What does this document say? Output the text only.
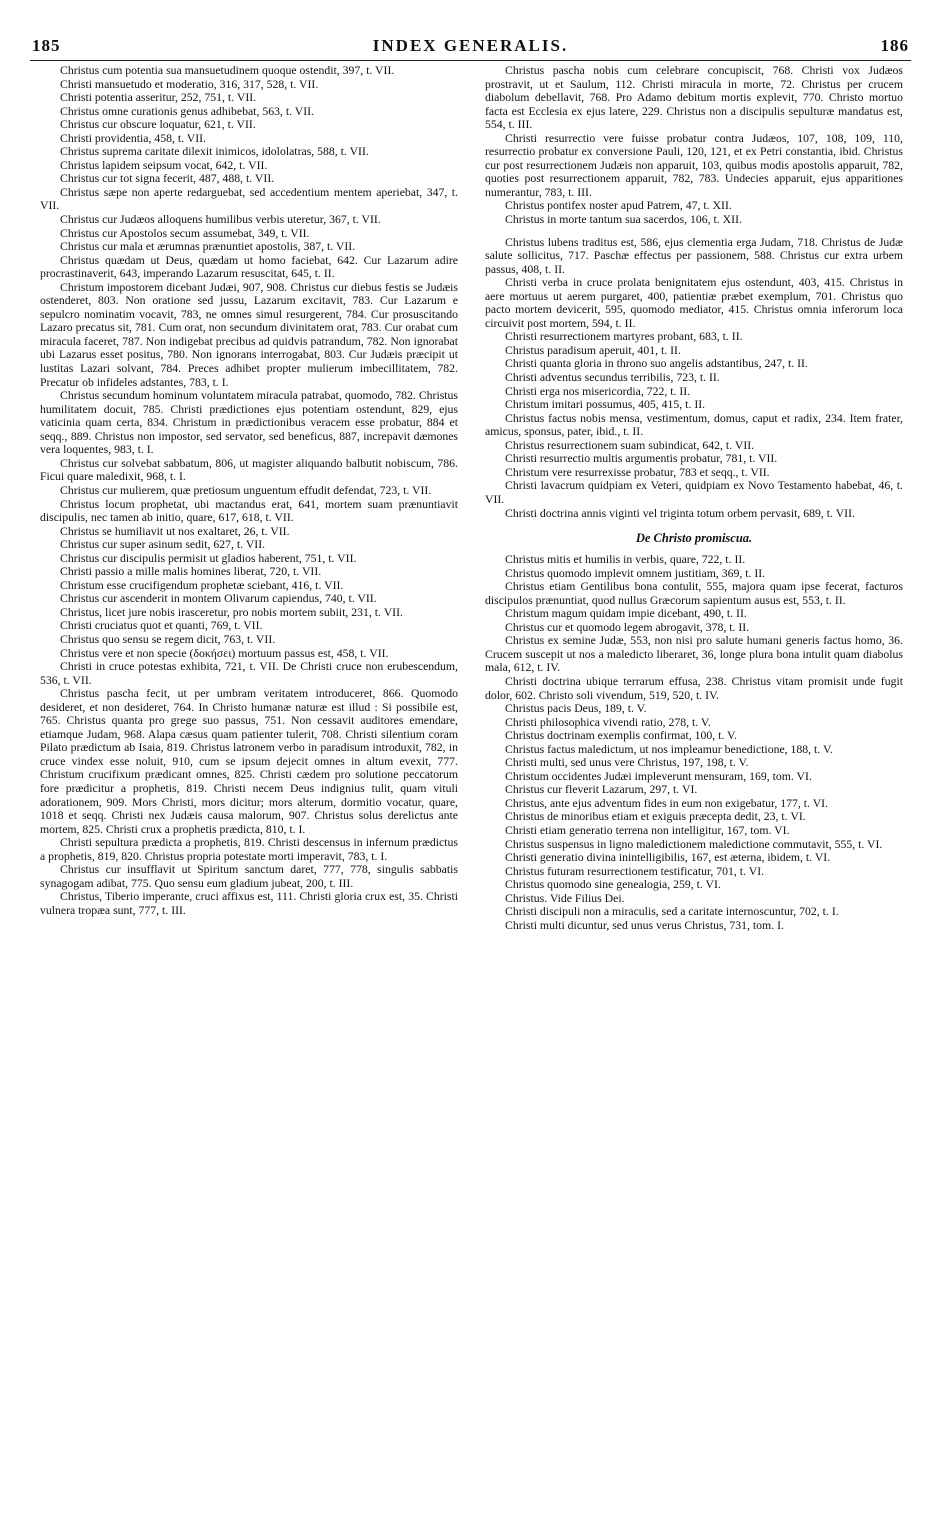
185	INDEX GENERALIS.	186

Christus cum potentia sua mansuetudinem quoque ostendit, 397, t. VII.

Christi mansuetudo et moderatio, 316, 317, 528, t. VII.

Christi potentia asseritur, 252, 751, t. VII.

Christus omne curationis genus adhibebat, 563, t. VII.

Christus cur obscure loquatur, 621, t. VII.

Christi providentia, 458, t. VII.

Christus suprema caritate dilexit inimicos, idololatras, 588, t. VII.

Christus lapidem seipsum vocat, 642, t. VII.

Christus cur tot signa fecerit, 487, 488, t. VII.

Christus sæpe non aperte redarguebat, sed accedentium mentem aperiebat, 347, t. VII.

Christus cur Judæos alloquens humilibus verbis uteretur, 367, t. VII.

Christus cur Apostolos secum assumebat, 349, t. VII.

Christus cur mala et ærumnas prænuntiet apostolis, 387, t. VII.

Christus quædam ut Deus, quædam ut homo faciebat, 642. Cur Lazarum adire procrastinaverit, 643, imperando Lazarum resuscitat, 645, t. II.

Christum impostorem dicebant Judæi, 907, 908. Christus cur diebus festis se Judæis ostenderet, 803. Non oratione sed jussu, Lazarum excitavit, 783. Cur Lazarum e sepulcro nominatim vocavit, 783, ne omnes simul resurgerent, 784. Cur prosuscitando Lazaro precatus sit, 781. Cum orat, non secundum divinitatem orat, 783. Cur orabat cum miracula faceret, 787. Non indigebat precibus ad quidvis patrandum, 782. Non ignorabat ubi Lazarus esset positus, 780. Non ignorans interrogabat, 803. Cur Judæis præcipit ut lustitas Lazari solvant, 784. Preces adhibet propter mulierum imbecillitatem, 782. Precatur ob infideles adstantes, 783, t. I.

Christus secundum hominum voluntatem miracula patrabat, quomodo, 782. Christus humilitatem docuit, 785. Christi prædictiones ejus potentiam ostendunt, 829, ejus vaticinia quam certa, 834. Christum in prædictionibus veracem esse probatur, 884 et seqq., 889. Christus non impostor, sed servator, sed beneficus, 887, increpavit dæmones vera loquentes, 983, t. I.

Christus cur solvebat sabbatum, 806, ut magister aliquando balbutit nobiscum, 786. Ficui quare maledixit, 968, t. I.

Christus cur mulierem, quæ pretiosum unguentum effudit defendat, 723, t. VII.

Christus locum prophetat, ubi mactandus erat, 641, mortem suam prænuntiavit discipulis, nec tamen ab initio, quare, 617, 618, t. VII.

Christus se humiliavit ut nos exaltaret, 26, t. VII.

Christus cur super asinum sedit, 627, t. VII.

Christus cur discipulis permisit ut gladios haberent, 751, t. VII.

Christi passio a mille malis homines liberat, 720, t. VII.

Christum esse crucifigendum prophetæ sciebant, 416, t. VII.

Christus cur ascenderit in montem Olivarum capiendus, 740, t. VII.

Christus, licet jure nobis irasceretur, pro nobis mortem subiit, 231, t. VII.

Christi cruciatus quot et quanti, 769, t. VII.

Christus quo sensu se regem dicit, 763, t. VII.

Christus vere et non specie (δοκήσει) mortuum passus est, 458, t. VII.

Christi in cruce potestas exhibita, 721, t. VII. De Christi cruce non erubescendum, 536, t. VII.

Christus pascha fecit, ut per umbram veritatem introduceret, 866. Quomodo desideret, et non desideret, 764. In Christo humanæ naturæ est illud : Si possibile est, 765. Christus quanta pro grege suo passus, 751. Non cessavit auditores emendare, etiamque Judam, 968. Alapa cæsus quam patienter tulerit, 708. Christi silentium coram Pilato prædictum ab Isaia, 819. Christus latronem verbo in paradisum introduxit, 782, in cruce vindex esse noluit, 910, cum se ipsum dejecit omnes in altum evexit, 777. Christum crucifixum prædicant omnes, 825. Christi cædem pro solutione peccatorum fore prædicitur a prophetis, 819. Christi necem Deus indignius tulit, quam vituli adorationem, 909. Mors Christi, mors dicitur; mors alterum, dormitio vocatur, quare, 1018 et seqq. Christi nex Judæis causa malorum, 907. Christus solus derelictus ante mortem, 825. Christi crux a prophetis prædicta, 810, t. I.

Christi sepultura prædicta a prophetis, 819. Christi descensus in infernum prædictus a prophetis, 819, 820. Christus propria potestate morti imperavit, 783, t. I.

Christus cur insufflavit ut Spiritum sanctum daret, 777, 778, singulis sabbatis synagogam adibat, 775. Quo sensu eum gladium jubeat, 200, t. III.

Christus, Tiberio imperante, cruci affixus est, 111. Christi gloria crux est, 35. Christi vulnera tropæa sunt, 777, t. III.

Christus pascha nobis cum celebrare concupiscit, 768. Christi vox Judæos prostravit, ut et Saulum, 112. Christi miracula in morte, 72. Christus per crucem diabolum debellavit, 768. Pro Adamo debitum mortis explevit, 770. Christo mortuo facta est Ecclesia ex ejus latere, 229. Christus non a discipulis sepulturæ mandatus est, 554, t. III.

Christi resurrectio vere fuisse probatur contra Judæos, 107, 108, 109, 110, resurrectio probatur ex conversione Pauli, 120, 121, et ex Petri constantia, ibid. Christus cur post resurrectionem Judæis non apparuit, 103, quibus modis apostolis apparuit, 782, quoties post resurrectionem apparuit, 782, 783. Undecies apparuit, ejus apparitiones numerantur, 783, t. III.

Christus pontifex noster apud Patrem, 47, t. XII.

Christus in morte tantum sua sacerdos, 106, t. XII.

Christus lubens traditus est, 586, ejus clementia erga Judam, 718. Christus de Judæ salute sollicitus, 717. Paschæ effectus per passionem, 588. Christus cur extra urbem passus, 408, t. II.

Christi verba in cruce prolata benignitatem ejus ostendunt, 403, 415. Christus in aere mortuus ut aerem purgaret, 400, patientiæ præbet exemplum, 701. Christus quo pacto mortem devicerit, 595, quomodo mediator, 415. Christus omnia inferorum loca circuivit post mortem, 594, t. II.

Christi resurrectionem martyres probant, 683, t. II.

Christus paradisum aperuit, 401, t. II.

Christi quanta gloria in throno suo angelis adstantibus, 247, t. II.

Christi adventus secundus terribilis, 723, t. II.

Christi erga nos misericordia, 722, t. II.

Christum imitari possumus, 405, 415, t. II.

Christus factus nobis mensa, vestimentum, domus, caput et radix, 234. Item frater, amicus, sponsus, pater, ibid., t. II.

Christus resurrectionem suam subindicat, 642, t. VII.

Christi resurrectio multis argumentis probatur, 781, t. VII.

Christum vere resurrexisse probatur, 783 et seqq., t. VII.

Christi lavacrum quidpiam ex Veteri, quidpiam ex Novo Testamento habebat, 46, t. VII.

Christi doctrina annis viginti vel triginta totum orbem pervasit, 689, t. VII.

De Christo promiscua.

Christus mitis et humilis in verbis, quare, 722, t. II.

Christus quomodo implevit omnem justitiam, 369, t. II.

Christus etiam Gentilibus bona contulit, 555, majora quam ipse fecerat, facturos discipulos prænuntiat, quod nullus Græcorum sapientum ausus est, 553, t. II.

Christum magum quidam impie dicebant, 490, t. II.

Christus cur et quomodo legem abrogavit, 378, t. II.

Christus ex semine Judæ, 553, non nisi pro salute humani generis factus homo, 36. Crucem suscepit ut nos a maledicto liberaret, 36, longe plura bona intulit quam diabolus mala, 612, t. IV.

Christi doctrina ubique terrarum effusa, 238. Christus vitam promisit unde fugit dolor, 602. Christo soli vivendum, 519, 520, t. IV.

Christus pacis Deus, 189, t. V.

Christi philosophica vivendi ratio, 278, t. V.

Christus doctrinam exemplis confirmat, 100, t. V.

Christus factus maledictum, ut nos impleamur benedictione, 188, t. V.

Christi multi, sed unus vere Christus, 197, 198, t. V.

Christum occidentes Judæi impleverunt mensuram, 169, tom. VI.

Christus cur fleverit Lazarum, 297, t. VI.

Christus, ante ejus adventum fides in eum non exigebatur, 177, t. VI.

Christus de minoribus etiam et exiguis præcepta dedit, 23, t. VI.

Christi etiam generatio terrena non intelligitur, 167, tom. VI.

Christus suspensus in ligno maledictionem maledictione commutavit, 555, t. VI.

Christi generatio divina inintelligibilis, 167, est æterna, ibidem, t. VI.

Christus futuram resurrectionem testificatur, 701, t. VI.

Christus quomodo sine genealogia, 259, t. VI.

Christus. Vide Filius Dei.

Christi discipuli non a miraculis, sed a caritate internoscuntur, 702, t. I.

Christi multi dicuntur, sed unus verus Christus, 731, tom. I.
